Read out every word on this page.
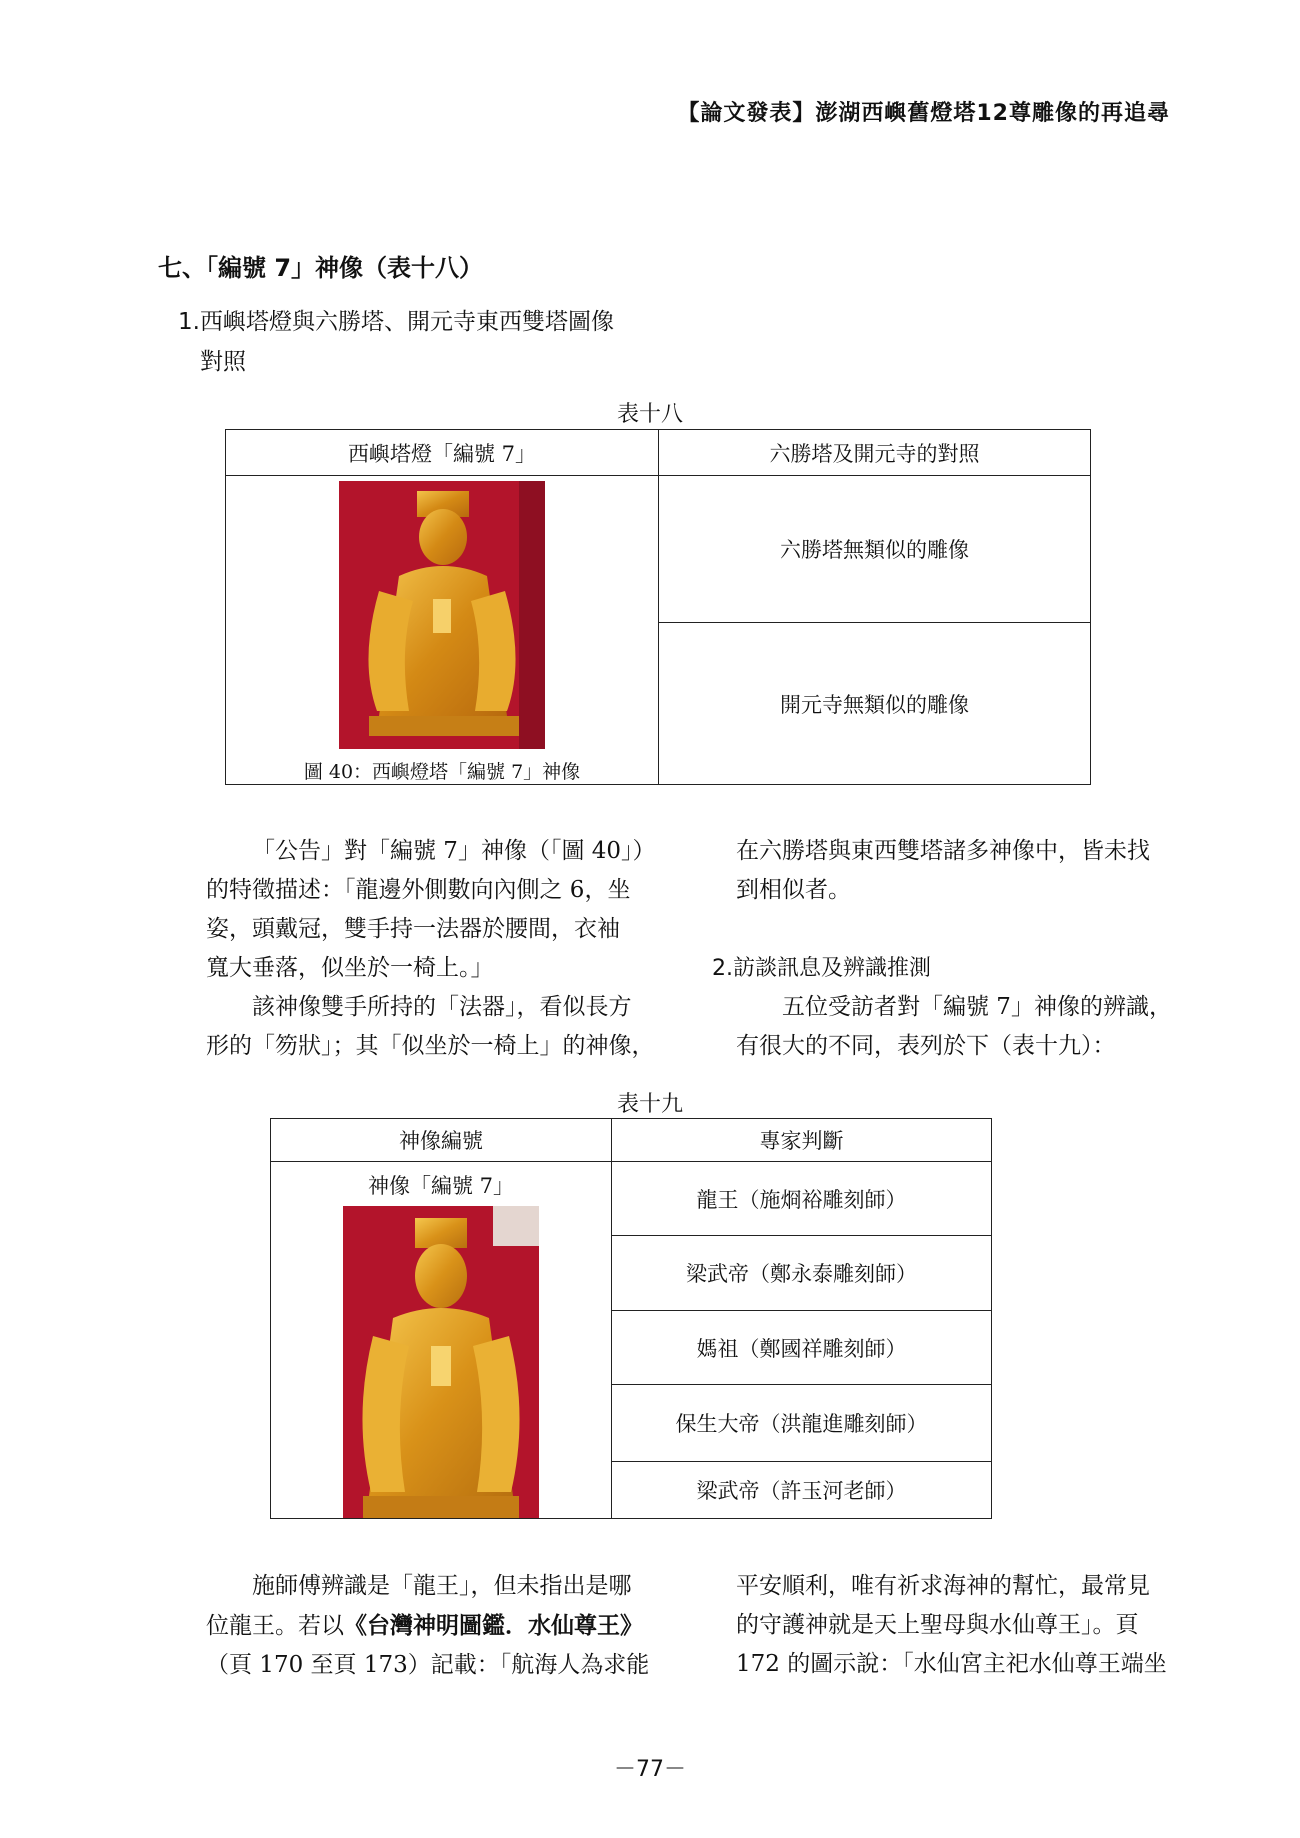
【論文發表】澎湖西嶼舊燈塔12尊雕像的再追尋
七、「編號 7」神像（表十八）
1.西嶼塔燈與六勝塔、開元寺東西雙塔圖像
對照
表十八
西嶼塔燈「編號 7」	六勝塔及開元寺的對照

圖 40：西嶼燈塔「編號 7」神像	六勝塔無類似的雕像
	開元寺無類似的雕像

「公告」對「編號 7」神像（「圖 40」）

的特徵描述：「龍邊外側數向內側之 6，坐

姿，頭戴冠，雙手持一法器於腰間，衣袖

寬大垂落，似坐於一椅上。」

該神像雙手所持的「法器」，看似長方

形的「笏狀」；其「似坐於一椅上」的神像，

在六勝塔與東西雙塔諸多神像中，皆未找

到相似者。

2.訪談訊息及辨識推測

五位受訪者對「編號 7」神像的辨識，

有很大的不同，表列於下（表十九）：

表十九
神像編號	專家判斷

神像「編號 7」	龍王（施烱裕雕刻師）
	梁武帝（鄭永泰雕刻師）
	媽祖（鄭國祥雕刻師）
	保生大帝（洪龍進雕刻師）
	梁武帝（許玉河老師）

施師傅辨識是「龍王」，但未指出是哪

位龍王。若以《台灣神明圖鑑．水仙尊王》

（頁 170 至頁 173）記載：「航海人為求能

平安順利，唯有祈求海神的幫忙，最常見

的守護神就是天上聖母與水仙尊王」。頁

172 的圖示說：「水仙宮主祀水仙尊王端坐

－77－
